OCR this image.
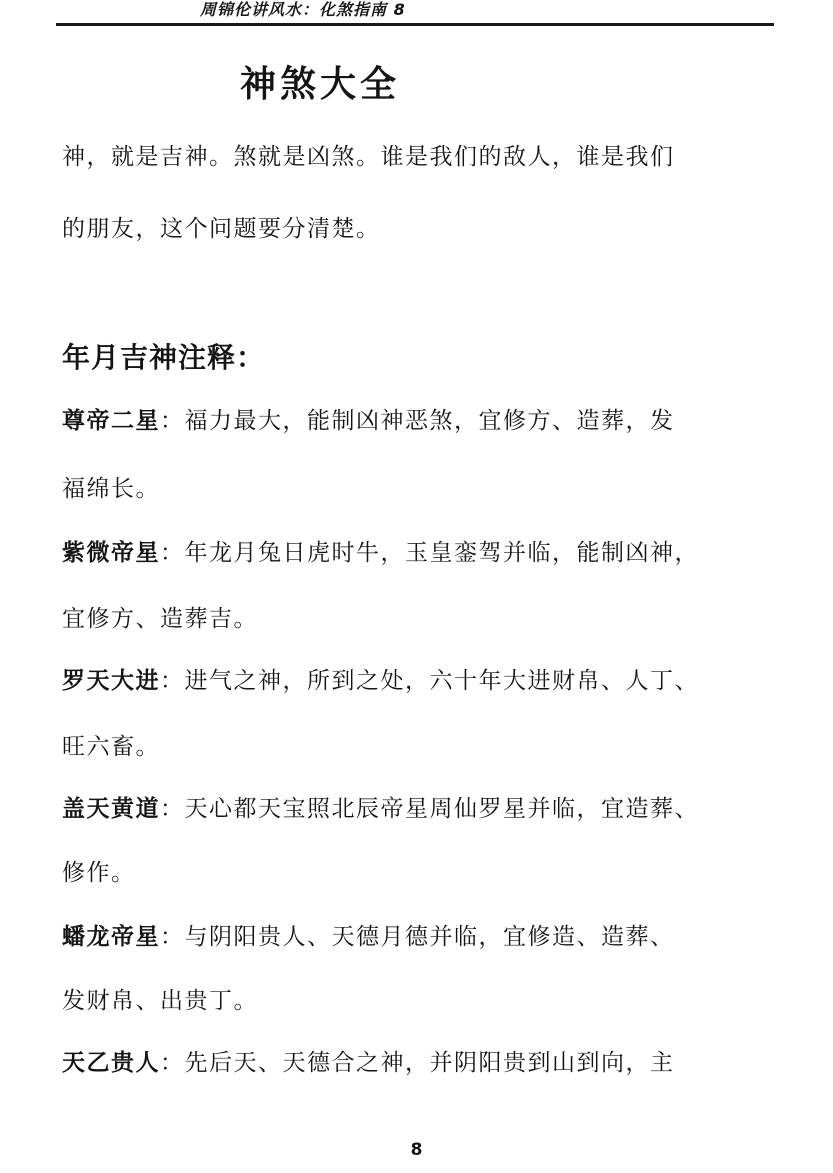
周锦伦讲风水：化煞指南 8
神煞大全
神，就是吉神。煞就是凶煞。谁是我们的敌人，谁是我们
的朋友，这个问题要分清楚。
年月吉神注释：
尊帝二星：福力最大，能制凶神恶煞，宜修方、造葬，发
福绵长。
紫微帝星：年龙月兔日虎时牛，玉皇銮驾并临，能制凶神，
宜修方、造葬吉。
罗天大进：进气之神，所到之处，六十年大进财帛、人丁、
旺六畜。
盖天黄道：天心都天宝照北辰帝星周仙罗星并临，宜造葬、
修作。
蟠龙帝星：与阴阳贵人、天德月德并临，宜修造、造葬、
发财帛、出贵丁。
天乙贵人：先后天、天德合之神，并阴阳贵到山到向，主
8
